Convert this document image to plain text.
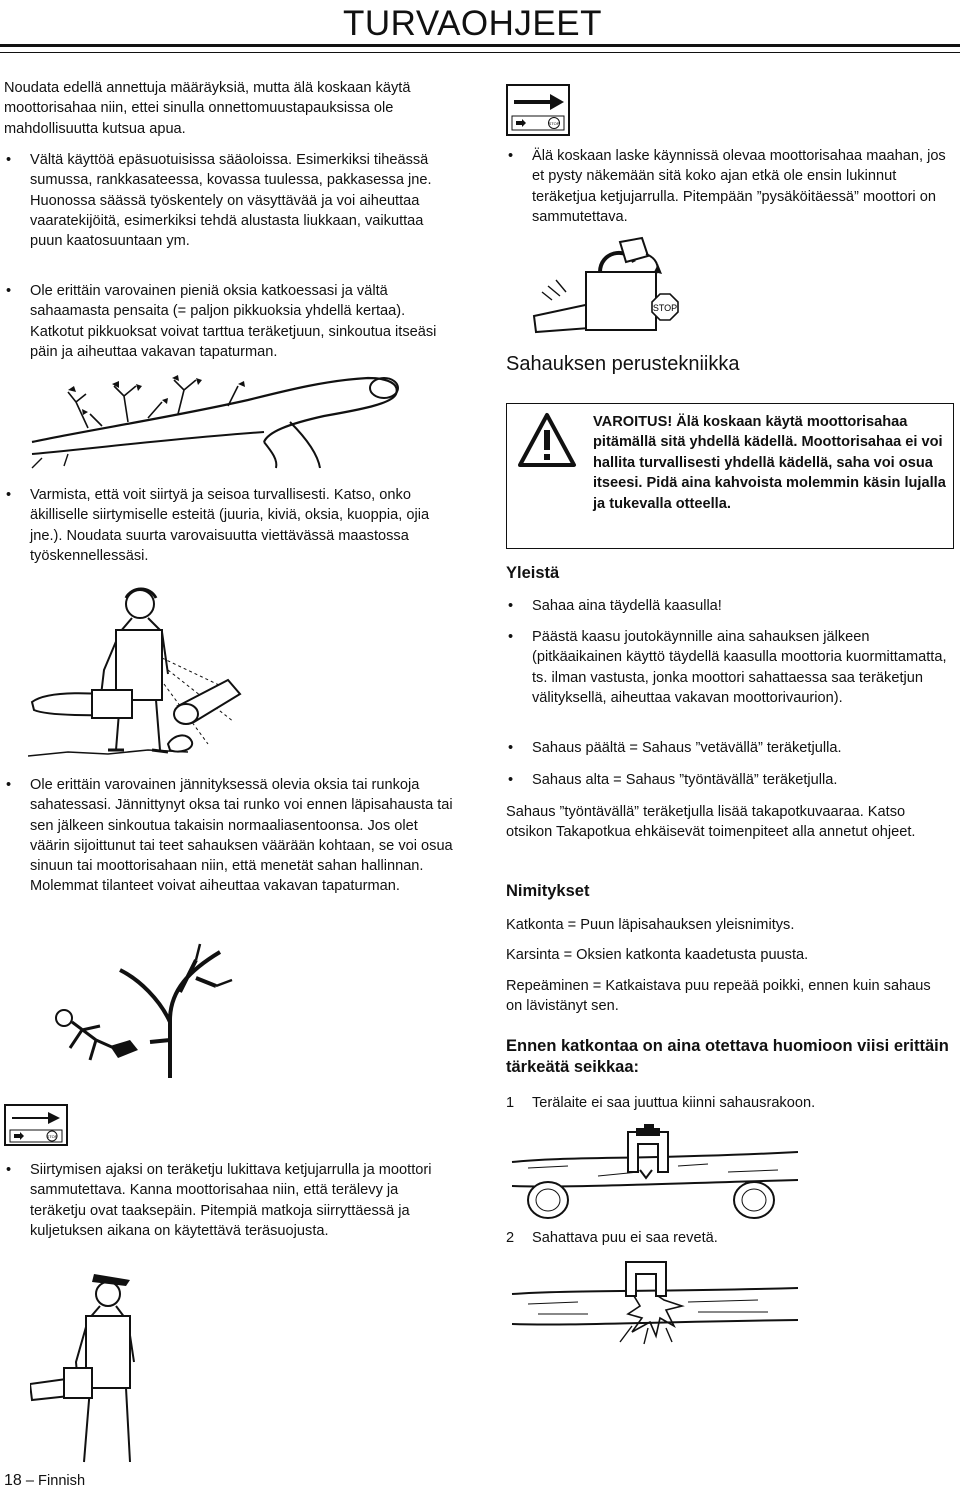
TURVAOHJEET

Noudata edellä annettuja määräyksiä, mutta älä koskaan käytä moottorisahaa niin, ettei sinulla onnettomuustapauksissa ole mahdollisuutta kutsua apua.

• Vältä käyttöä epäsuotuisissa sääoloissa. Esimerkiksi tiheässä sumussa, rankkasateessa, kovassa tuulessa, pakkasessa jne. Huonossa säässä työskentely on väsyttävää ja voi aiheuttaa vaaratekijöitä, esimerkiksi tehdä alustasta liukkaan, vaikuttaa puun kaatosuuntaan ym.
• Ole erittäin varovainen pieniä oksia katkoessasi ja vältä sahaamasta pensaita (= paljon pikkuoksia yhdellä kertaa). Katkotut pikkuoksat voivat tarttua teräketjuun, sinkoutua itseäsi päin ja aiheuttaa vakavan tapaturman.
• Varmista, että voit siirtyä ja seisoa turvallisesti. Katso, onko äkilliselle siirtymiselle esteitä (juuria, kiviä, oksia, kuoppia, ojia jne.). Noudata suurta varovaisuutta viettävässä maastossa työskennellessäsi.
• Ole erittäin varovainen jännityksessä olevia oksia tai runkoja sahatessasi. Jännittynyt oksa tai runko voi ennen läpisahausta tai sen jälkeen sinkoutua takaisin normaaliasentoonsa. Jos olet väärin sijoittunut tai teet sahauksen väärään kohtaan, se voi osua sinuun tai moottorisahaan niin, että menetät sahan hallinnan. Molemmat tilanteet voivat aiheuttaa vakavan tapaturman.
STOP
• Siirtymisen ajaksi on teräketju lukittava ketjujarrulla ja moottori sammutettava. Kanna moottorisahaa niin, että terälevy ja teräketju ovat taaksepäin. Pitempiä matkoja siirryttäessä ja kuljetuksen aikana on käytettävä teräsuojusta.
STOP
• Älä koskaan laske käynnissä olevaa moottorisahaa maahan, jos et pysty näkemään sitä koko ajan etkä ole ensin lukinnut teräketjua ketjujarrulla. Pitempään ”pysäköitäessä” moottori on sammutettava.
STOP
Sahauksen perustekniikka
VAROITUS! Älä koskaan käytä moottorisahaa pitämällä sitä yhdellä kädellä. Moottorisahaa ei voi hallita turvallisesti yhdellä kädellä, saha voi osua itseesi. Pidä aina kahvoista molemmin käsin lujalla ja tukevalla otteella.
Yleistä
• Sahaa aina täydellä kaasulla!
• Päästä kaasu joutokäynnille aina sahauksen jälkeen (pitkäaikainen käyttö täydellä kaasulla moottoria kuormittamatta, ts. ilman vastusta, jonka moottori sahattaessa saa teräketjun välityksellä, aiheuttaa vakavan moottorivaurion).
• Sahaus päältä = Sahaus ”vetävällä” teräketjulla.
• Sahaus alta = Sahaus ”työntävällä” teräketjulla.
Sahaus ”työntävällä” teräketjulla lisää takapotkuvaaraa. Katso otsikon Takapotkua ehkäisevät toimenpiteet alla annetut ohjeet.
Nimitykset
Katkonta = Puun läpisahauksen yleisnimitys.
Karsinta = Oksien katkonta kaadetusta puusta.
Repeäminen = Katkaistava puu repeää poikki, ennen kuin sahaus on lävistänyt sen.
Ennen katkontaa on aina otettava huomioon viisi erittäin tärkeätä seikkaa:
1 Terälaite ei saa juuttua kiinni sahausrakoon.
2 Sahattava puu ei saa revetä.
18 – Finnish
